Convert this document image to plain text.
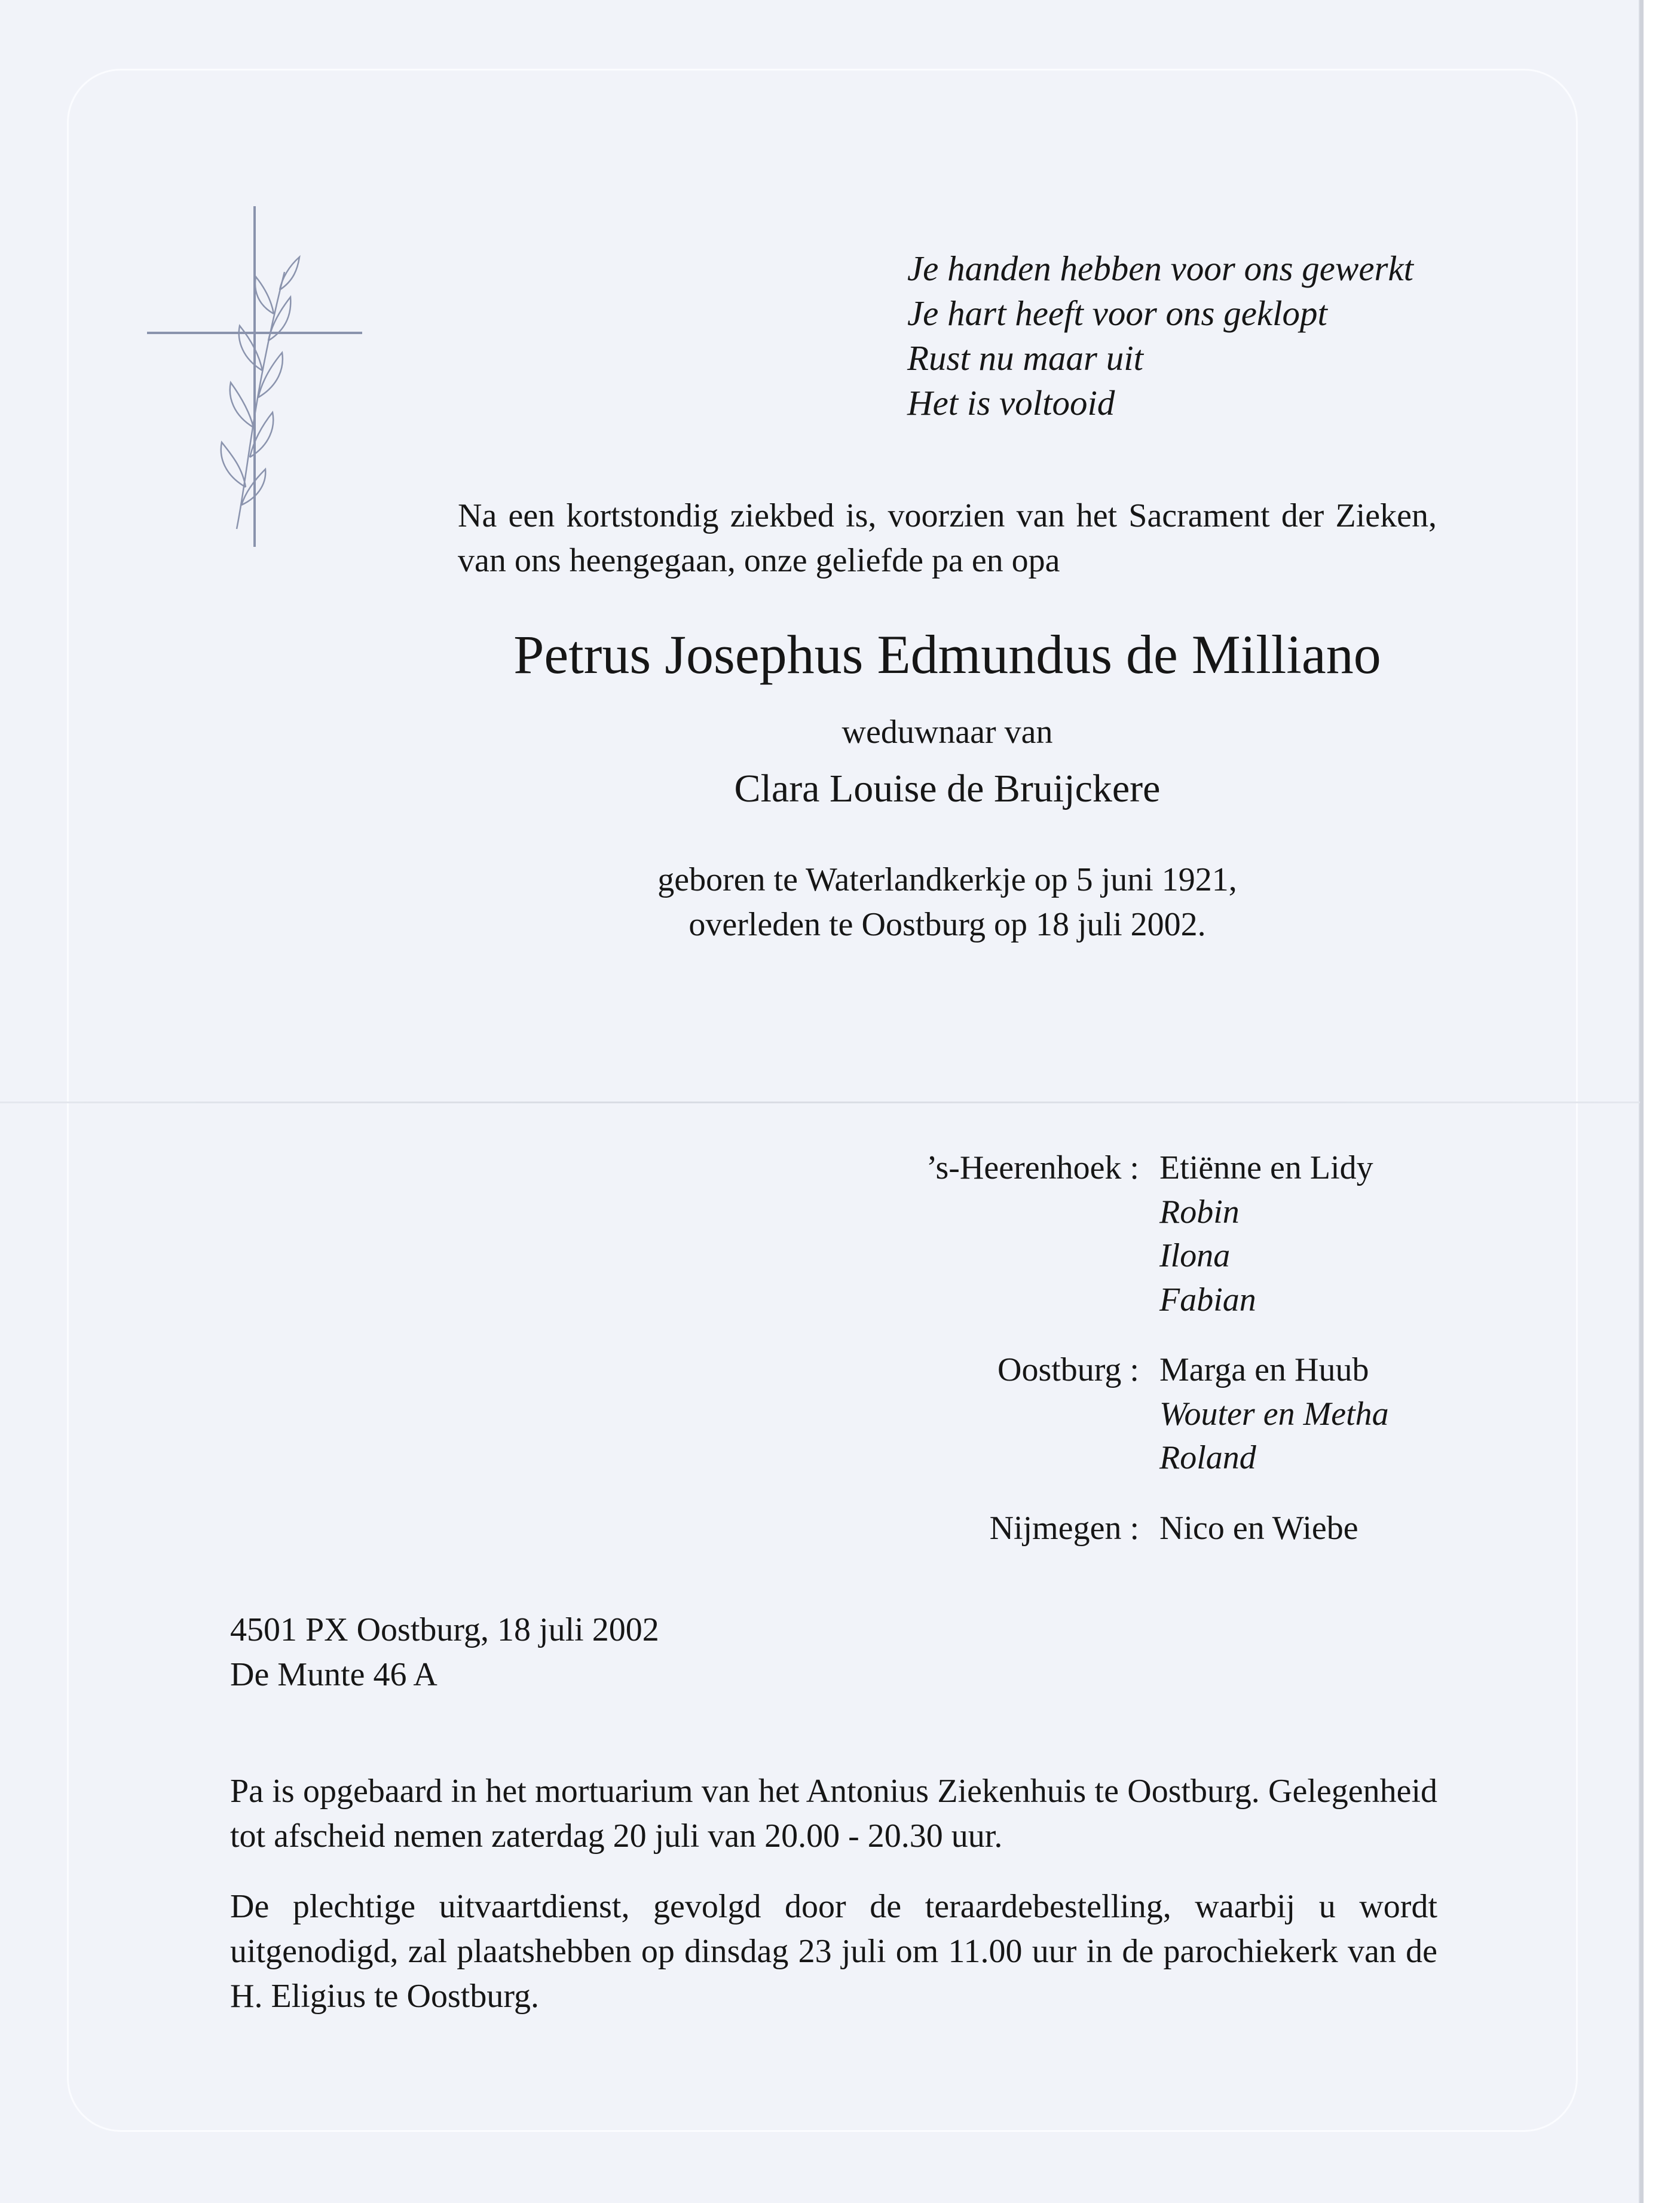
Je handen hebben voor ons gewerkt
Je hart heeft voor ons geklopt
Rust nu maar uit
Het is voltooid
Na een kortstondig ziekbed is, voorzien van het Sacrament der Zieken, van ons heengegaan, onze geliefde pa en opa
Petrus Josephus Edmundus de Milliano
weduwnaar van
Clara Louise de Bruijckere
geboren te Waterlandkerkje op 5 juni 1921,
overleden te Oostburg op 18 juli 2002.
’s-Heerenhoek : Etiënne en Lidy
Robin
Ilona
Fabian
Oostburg : Marga en Huub
Wouter en Metha
Roland
Nijmegen : Nico en Wiebe
4501 PX Oostburg, 18 juli 2002
De Munte 46 A
Pa is opgebaard in het mortuarium van het Antonius Ziekenhuis te Oostburg. Gelegenheid tot afscheid nemen zaterdag 20 juli van 20.00 - 20.30 uur.
De plechtige uitvaartdienst, gevolgd door de teraardebestelling, waarbij u wordt uitgenodigd, zal plaatshebben op dinsdag 23 juli om 11.00 uur in de parochiekerk van de H. Eligius te Oostburg.
